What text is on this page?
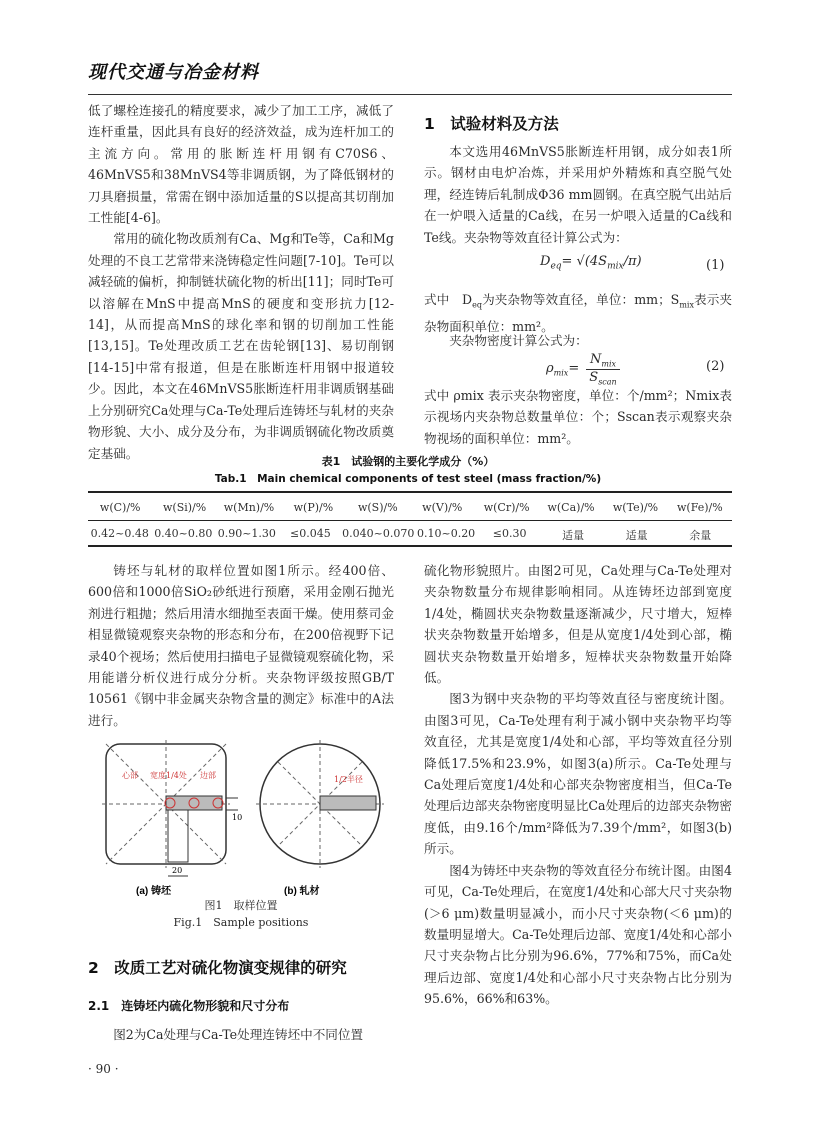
现代交通与冶金材料

低了螺栓连接孔的精度要求，减少了加工工序，减低了连杆重量，因此具有良好的经济效益，成为连杆加工的主流方向。常用的胀断连杆用钢有C70S6、46MnVS5和38MnVS4等非调质钢，为了降低钢材的刀具磨损量，常需在钢中添加适量的S以提高其切削加工性能[4-6]。

常用的硫化物改质剂有Ca、Mg和Te等，Ca和Mg处理的不良工艺常带来浇铸稳定性问题[7-10]。Te可以减轻硫的偏析，抑制链状硫化物的析出[11]；同时Te可以溶解在MnS中提高MnS的硬度和变形抗力[12-14]，从而提高MnS的球化率和钢的切削加工性能[13,15]。Te处理改质工艺在齿轮钢[13]、易切削钢[14-15]中常有报道，但是在胀断连杆用钢中报道较少。因此，本文在46MnVS5胀断连杆用非调质钢基础上分别研究Ca处理与Ca-Te处理后连铸坯与轧材的夹杂物形貌、大小、成分及分布，为非调质钢硫化物改质奠定基础。

1　试验材料及方法

本文选用46MnVS5胀断连杆用钢，成分如表1所示。钢材由电炉冶炼，并采用炉外精炼和真空脱气处理，经连铸后轧制成Φ36 mm圆钢。在真空脱气出站后在一炉喂入适量的Ca线，在另一炉喂入适量的Ca线和Te线。夹杂物等效直径计算公式为：

$D_{eq}= √(4S_{mix}/\pi)$	(1)

式中　$D_{eq}$为夹杂物等效直径，单位：mm；$S_{mix}$表示夹杂物面积单位：mm²。

夹杂物密度计算公式为：

$\rho_{mix}=$
$N_{mix}$
$S_{scan}$
(2)

式中 ρmix 表示夹杂物密度，单位：个/mm²；Nmix表示视场内夹杂物总数量单位：个；Sscan表示观察夹杂物视场的面积单位：mm²。

表1　试验钢的主要化学成分（%）
Tab.1　Main chemical components of test steel (mass fraction/%)
w(C)/%	w(Si)/%	w(Mn)/%	w(P)/%	w(S)/%	w(V)/%	w(Cr)/%	w(Ca)/%	w(Te)/%	w(Fe)/%
0.42~0.48 0.40~0.80 0.90~1.30	≤0.045	0.040~0.070 0.10~0.20	≤0.30	适量	适量	余量

铸坯与轧材的取样位置如图1所示。经400倍、600倍和1000倍SiO₂砂纸进行预磨，采用金刚石抛光剂进行粗抛；然后用清水细抛至表面干燥。使用蔡司金相显微镜观察夹杂物的形态和分布，在200倍视野下记录40个视场；然后使用扫描电子显微镜观察硫化物，采用能谱分析仪进行成分分析。夹杂物评级按照GB/T 10561《钢中非金属夹杂物含量的测定》标准中的A法进行。

心部 宽度1/4处 边部
20
10
(a) 铸坯
1/2半径
(b) 轧材
图1　取样位置
Fig.1　Sample positions
2　改质工艺对硫化物演变规律的研究
2.1　连铸坯内硫化物形貌和尺寸分布

图2为Ca处理与Ca-Te处理连铸坯中不同位置

硫化物形貌照片。由图2可见，Ca处理与Ca-Te处理对夹杂物数量分布规律影响相同。从连铸坯边部到宽度1/4处，椭圆状夹杂物数量逐渐减少，尺寸增大，短棒状夹杂物数量开始增多，但是从宽度1/4处到心部，椭圆状夹杂物数量开始增多，短棒状夹杂物数量开始降低。

图3为钢中夹杂物的平均等效直径与密度统计图。由图3可见，Ca-Te处理有利于减小钢中夹杂物平均等效直径，尤其是宽度1/4处和心部，平均等效直径分别降低17.5%和23.9%，如图3(a)所示。Ca-Te处理与Ca处理后宽度1/4处和心部夹杂物密度相当，但Ca-Te处理后边部夹杂物密度明显比Ca处理后的边部夹杂物密度低，由9.16个/mm²降低为7.39个/mm²，如图3(b)所示。

图4为铸坯中夹杂物的等效直径分布统计图。由图4可见，Ca-Te处理后，在宽度1/4处和心部大尺寸夹杂物(＞6 μm)数量明显减小，而小尺寸夹杂物(＜6 μm)的数量明显增大。Ca-Te处理后边部、宽度1/4处和心部小尺寸夹杂物占比分别为96.6%，77%和75%，而Ca处理后边部、宽度1/4处和心部小尺寸夹杂物占比分别为95.6%，66%和63%。

· 90 ·
